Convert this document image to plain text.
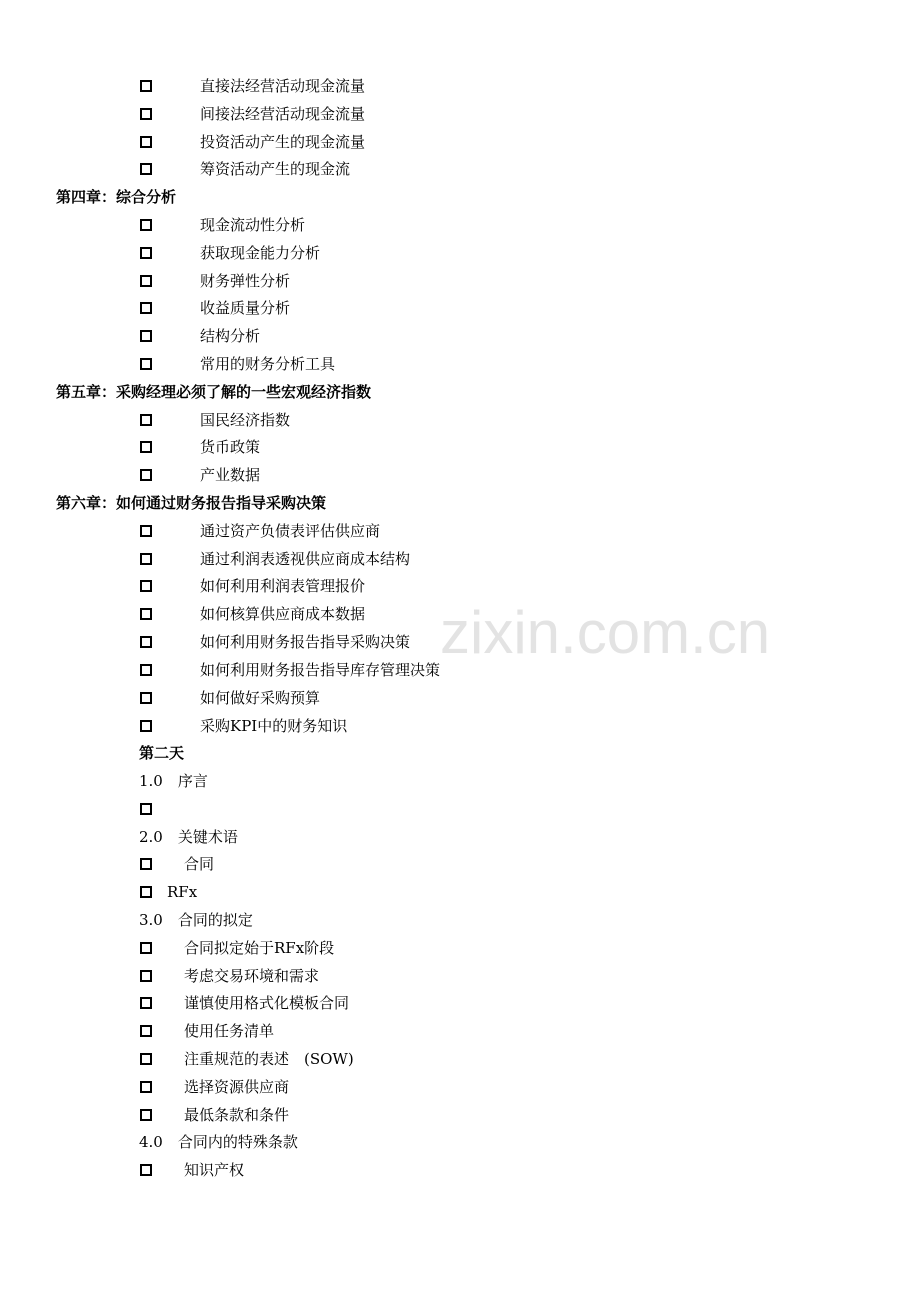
直接法经营活动现金流量
间接法经营活动现金流量
投资活动产生的现金流量
筹资活动产生的现金流
第四章：综合分析
现金流动性分析
获取现金能力分析
财务弹性分析
收益质量分析
结构分析
常用的财务分析工具
第五章：采购经理必须了解的一些宏观经济指数
国民经济指数
货币政策
产业数据
第六章：如何通过财务报告指导采购决策
通过资产负债表评估供应商
通过利润表透视供应商成本结构
如何利用利润表管理报价
如何核算供应商成本数据
如何利用财务报告指导采购决策
如何利用财务报告指导库存管理决策
如何做好采购预算
采购KPI中的财务知识
第二天
1.0　序言
2.0　关键术语
合同
RFx
3.0　合同的拟定
合同拟定始于RFx阶段
考虑交易环境和需求
谨慎使用格式化模板合同
使用任务清单
注重规范的表述　(SOW)
选择资源供应商
最低条款和条件
4.0　合同内的特殊条款
知识产权
zixin.com.cn
